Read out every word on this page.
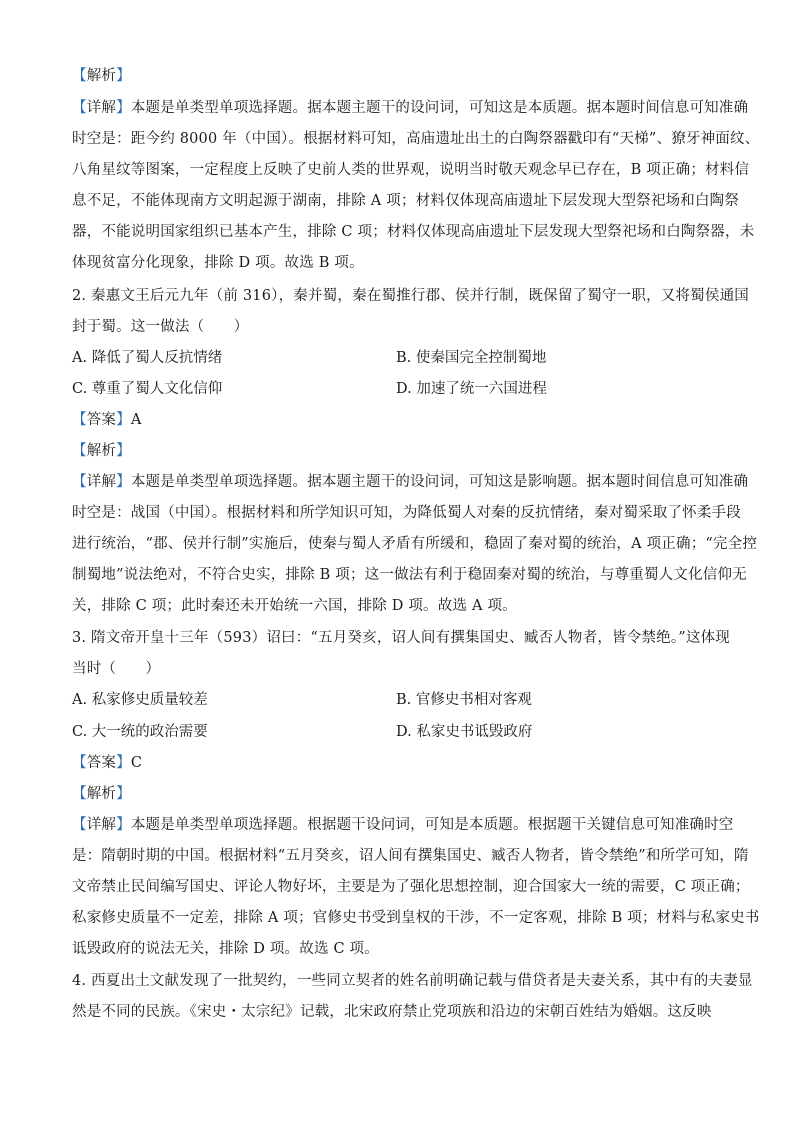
【解析】
【详解】本题是单类型单项选择题。据本题主题干的设问词，可知这是本质题。据本题时间信息可知准确
时空是：距今约 8000 年（中国）。根据材料可知，高庙遗址出土的白陶祭器戳印有“天梯”、獠牙神面纹、
八角星纹等图案，一定程度上反映了史前人类的世界观，说明当时敬天观念早已存在，B 项正确；材料信
息不足，不能体现南方文明起源于湖南，排除 A 项；材料仅体现高庙遗址下层发现大型祭祀场和白陶祭
器，不能说明国家组织已基本产生，排除 C 项；材料仅体现高庙遗址下层发现大型祭祀场和白陶祭器，未
体现贫富分化现象，排除 D 项。故选 B 项。
2. 秦惠文王后元九年（前 316），秦并蜀，秦在蜀推行郡、侯并行制，既保留了蜀守一职，又将蜀侯通国
封于蜀。这一做法（　　）
A. 降低了蜀人反抗情绪	B. 使秦国完全控制蜀地
C. 尊重了蜀人文化信仰	D. 加速了统一六国进程
【答案】A
【解析】
【详解】本题是单类型单项选择题。据本题主题干的设问词，可知这是影响题。据本题时间信息可知准确
时空是：战国（中国）。根据材料和所学知识可知，为降低蜀人对秦的反抗情绪，秦对蜀采取了怀柔手段
进行统治，“郡、侯并行制”实施后，使秦与蜀人矛盾有所缓和，稳固了秦对蜀的统治，A 项正确；“完全控
制蜀地”说法绝对，不符合史实，排除 B 项；这一做法有利于稳固秦对蜀的统治，与尊重蜀人文化信仰无
关，排除 C 项；此时秦还未开始统一六国，排除 D 项。故选 A 项。
3. 隋文帝开皇十三年（593）诏曰：“五月癸亥，诏人间有撰集国史、臧否人物者，皆令禁绝。”这体现
当时（　　）
A. 私家修史质量较差	B. 官修史书相对客观
C. 大一统的政治需要	D. 私家史书诋毁政府
【答案】C
【解析】
【详解】本题是单类型单项选择题。根据题干设问词，可知是本质题。根据题干关键信息可知准确时空
是：隋朝时期的中国。根据材料“五月癸亥，诏人间有撰集国史、臧否人物者，皆令禁绝”和所学可知，隋
文帝禁止民间编写国史、评论人物好坏，主要是为了强化思想控制，迎合国家大一统的需要，C 项正确；
私家修史质量不一定差，排除 A 项；官修史书受到皇权的干涉，不一定客观，排除 B 项；材料与私家史书
诋毁政府的说法无关，排除 D 项。故选 C 项。
4. 西夏出土文献发现了一批契约，一些同立契者的姓名前明确记载与借贷者是夫妻关系，其中有的夫妻显
然是不同的民族。《宋史・太宗纪》记载，北宋政府禁止党项族和沿边的宋朝百姓结为婚姻。这反映
